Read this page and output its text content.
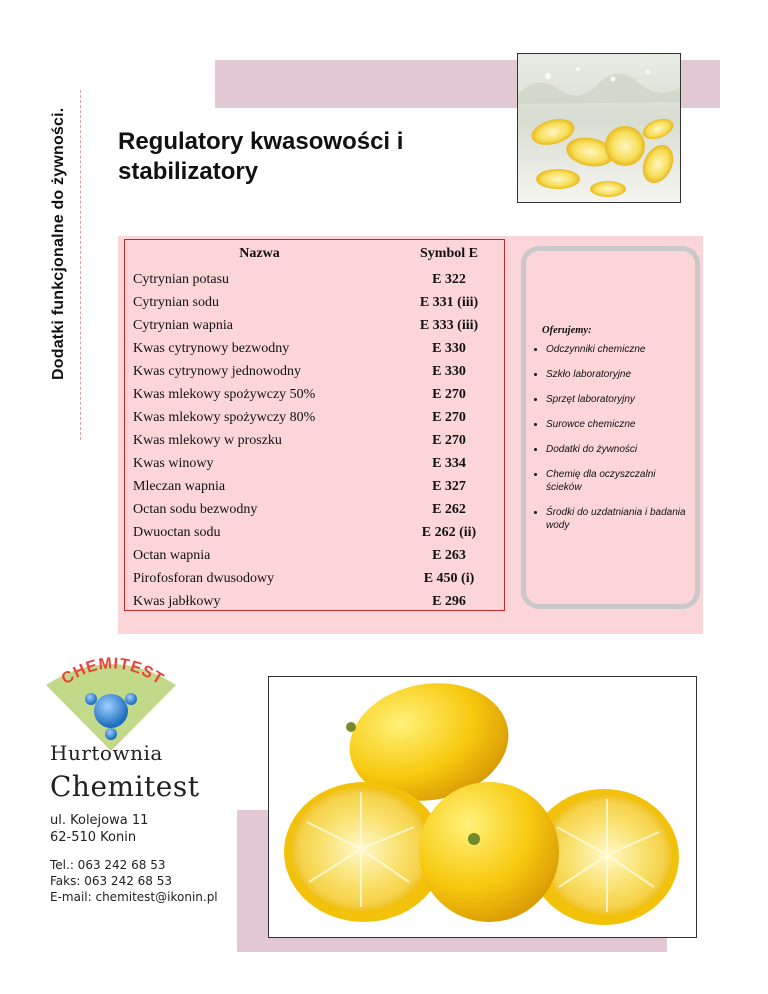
Dodatki funkcjonalne do żywności. Regulatory kwasowości i stabilizatory
Nazwa	Symbol E
Cytrynian potasu	E 322
Cytrynian sodu	E 331 (iii)
Cytrynian wapnia	E 333 (iii)
Kwas cytrynowy bezwodny	E 330
Kwas cytrynowy jednowodny	E 330
Kwas mlekowy spożywczy 50%	E 270
Kwas mlekowy spożywczy 80%	E 270
Kwas mlekowy w proszku	E 270
Kwas winowy	E 334
Mleczan wapnia	E 327
Octan sodu bezwodny	E 262
Dwuoctan sodu	E 262 (ii)
Octan wapnia	E 263
Pirofosforan dwusodowy	E 450 (i)
Kwas jabłkowy	E 296
Oferujemy:
• Odczynniki chemiczne
• Szkło laboratoryjne
• Sprzęt laboratoryjny
• Surowce chemiczne
• Dodatki do żywności
• Chemię dla oczyszczalni ścieków
• Środki do uzdatniania i badania wody
CHEMITEST
Hurtownia
Chemitest
ul. Kolejowa 11
62-510 Konin
Tel.: 063 242 68 53
Faks: 063 242 68 53
E-mail: chemitest@ikonin.pl
